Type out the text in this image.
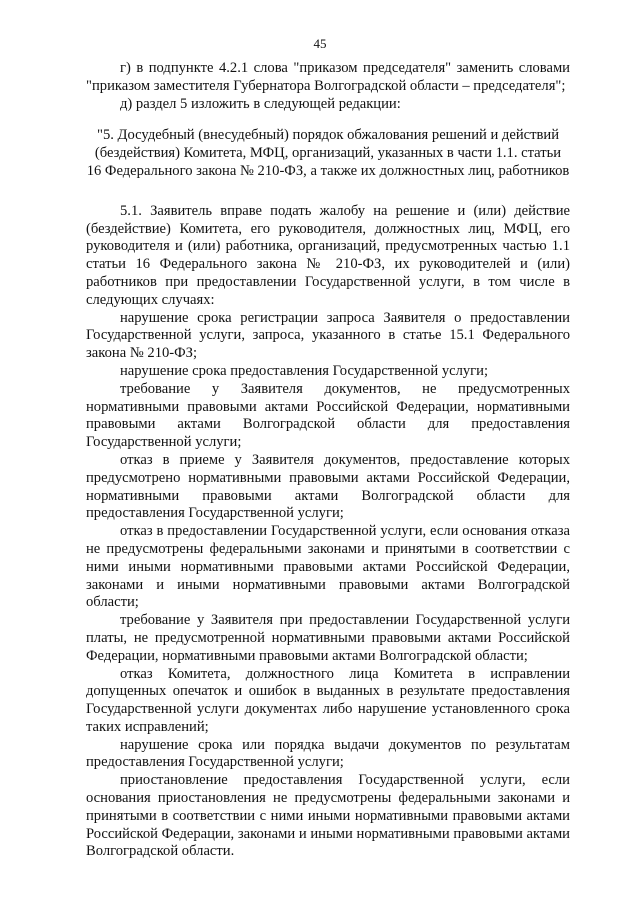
45

г) в подпункте 4.2.1 слова "приказом председателя" заменить словами "приказом заместителя Губернатора Волгоградской области – председателя";

д) раздел 5 изложить в следующей редакции:

"5. Досудебный (внесудебный) порядок обжалования решений и действий (бездействия) Комитета, МФЦ, организаций, указанных в части 1.1. статьи 16 Федерального закона № 210-ФЗ, а также их должностных лиц, работников

5.1. Заявитель вправе подать жалобу на решение и (или) действие (бездействие) Комитета, его руководителя, должностных лиц, МФЦ, его руководителя и (или) работника, организаций, предусмотренных частью 1.1 статьи 16 Федерального закона № 210-ФЗ, их руководителей и (или) работников при предоставлении Государственной услуги, в том числе в следующих случаях:

нарушение срока регистрации запроса Заявителя о предоставлении Государственной услуги, запроса, указанного в статье 15.1 Федерального закона № 210-ФЗ;

нарушение срока предоставления Государственной услуги;

требование у Заявителя документов, не предусмотренных нормативными правовыми актами Российской Федерации, нормативными правовыми актами Волгоградской области для предоставления Государственной услуги;

отказ в приеме у Заявителя документов, предоставление которых предусмотрено нормативными правовыми актами Российской Федерации, нормативными правовыми актами Волгоградской области для предоставления Государственной услуги;

отказ в предоставлении Государственной услуги, если основания отказа не предусмотрены федеральными законами и принятыми в соответствии с ними иными нормативными правовыми актами Российской Федерации, законами и иными нормативными правовыми актами Волгоградской области;

требование у Заявителя при предоставлении Государственной услуги платы, не предусмотренной нормативными правовыми актами Российской Федерации, нормативными правовыми актами Волгоградской области;

отказ Комитета, должностного лица Комитета в исправлении допущенных опечаток и ошибок в выданных в результате предоставления Государственной услуги документах либо нарушение установленного срока таких исправлений;

нарушение срока или порядка выдачи документов по результатам предоставления Государственной услуги;

приостановление предоставления Государственной услуги, если основания приостановления не предусмотрены федеральными законами и принятыми в соответствии с ними иными нормативными правовыми актами Российской Федерации, законами и иными нормативными правовыми актами Волгоградской области.
